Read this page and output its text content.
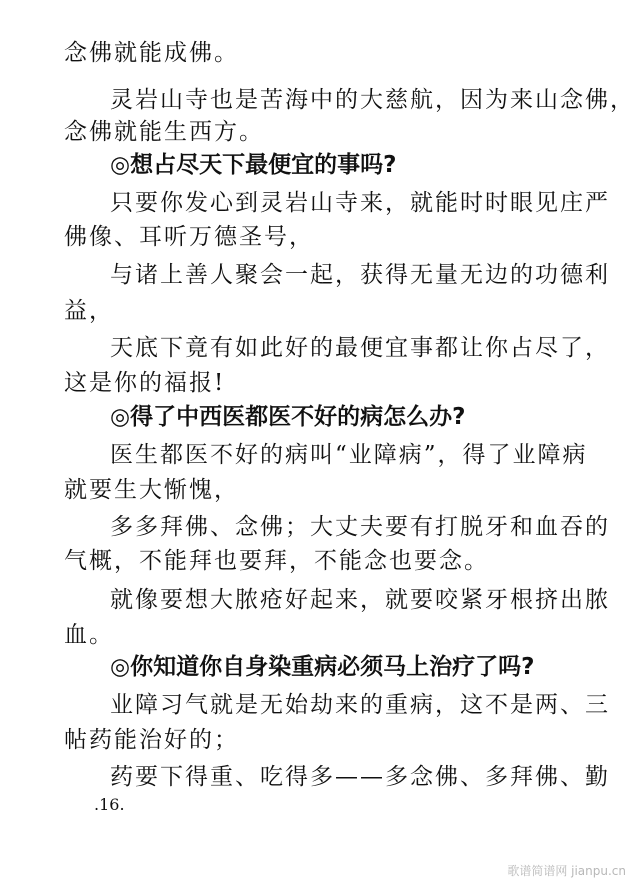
念佛就能成佛。
灵岩山寺也是苦海中的大慈航，因为来山念佛，
念佛就能生西方。
◎想占尽天下最便宜的事吗?
只要你发心到灵岩山寺来，就能时时眼见庄严
佛像、耳听万德圣号，
与诸上善人聚会一起，获得无量无边的功德利
益，
天底下竟有如此好的最便宜事都让你占尽了，
这是你的福报!
◎得了中西医都医不好的病怎么办?
医生都医不好的病叫“业障病”，得了业障病
就要生大惭愧，
多多拜佛、念佛；大丈夫要有打脱牙和血吞的
气概，不能拜也要拜，不能念也要念。
就像要想大脓疮好起来，就要咬紧牙根挤出脓
血。
◎你知道你自身染重病必须马上治疗了吗?
业障习气就是无始劫来的重病，这不是两、三
帖药能治好的；
药要下得重、吃得多——多念佛、多拜佛、勤
.16.
歌谱简谱网 jianpu.cn
